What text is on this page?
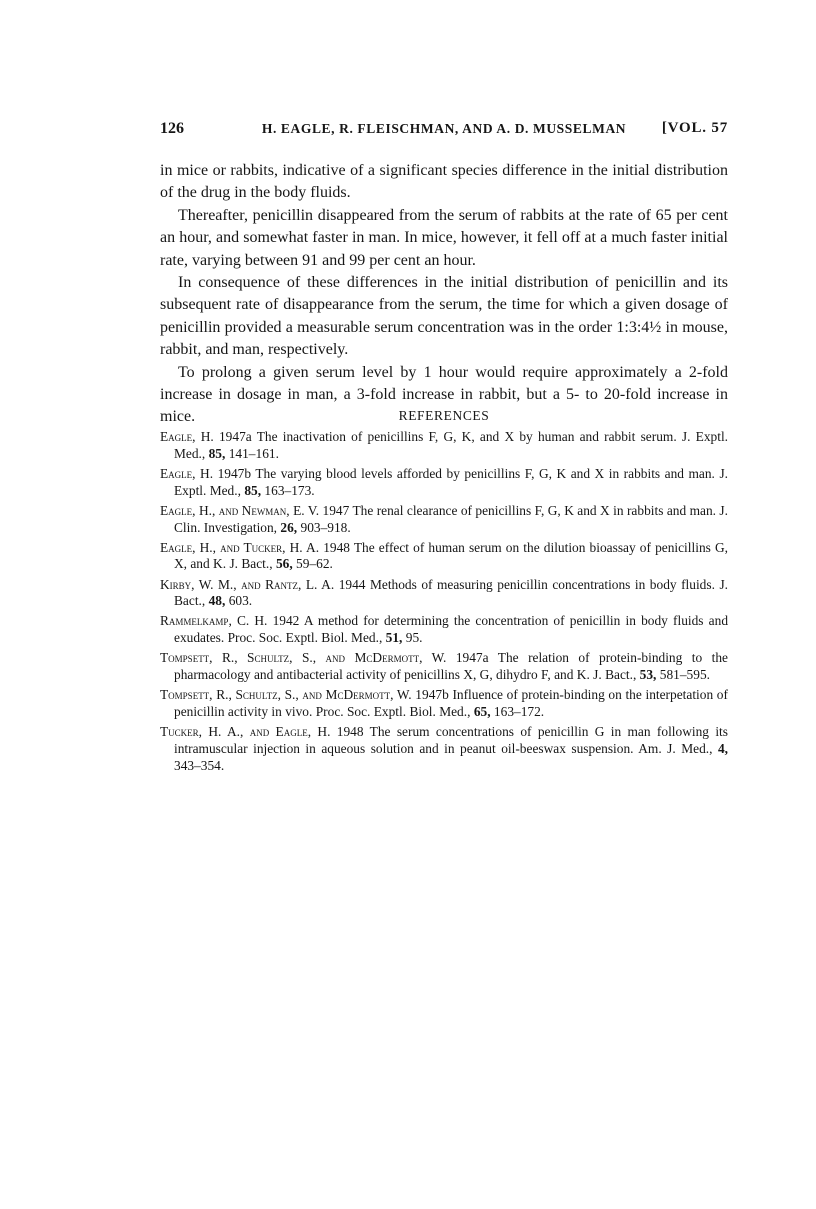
126	H. EAGLE, R. FLEISCHMAN, AND A. D. MUSSELMAN	[VOL. 57

in mice or rabbits, indicative of a significant species difference in the initial distribution of the drug in the body fluids.

Thereafter, penicillin disappeared from the serum of rabbits at the rate of 65 per cent an hour, and somewhat faster in man. In mice, however, it fell off at a much faster initial rate, varying between 91 and 99 per cent an hour.

In consequence of these differences in the initial distribution of penicillin and its subsequent rate of disappearance from the serum, the time for which a given dosage of penicillin provided a measurable serum concentration was in the order 1:3:4½ in mouse, rabbit, and man, respectively.

To prolong a given serum level by 1 hour would require approximately a 2-fold increase in dosage in man, a 3-fold increase in rabbit, but a 5- to 20-fold increase in mice.	REFERENCES

Eagle, H. 1947a The inactivation of penicillins F, G, K, and X by human and rabbit serum. J. Exptl. Med., 85, 141–161.

Eagle, H. 1947b The varying blood levels afforded by penicillins F, G, K and X in rabbits and man. J. Exptl. Med., 85, 163–173.

Eagle, H., and Newman, E. V. 1947 The renal clearance of penicillins F, G, K and X in rabbits and man. J. Clin. Investigation, 26, 903–918.

Eagle, H., and Tucker, H. A. 1948 The effect of human serum on the dilution bioassay of penicillins G, X, and K. J. Bact., 56, 59–62.

Kirby, W. M., and Rantz, L. A. 1944 Methods of measuring penicillin concentrations in body fluids. J. Bact., 48, 603.

Rammelkamp, C. H. 1942 A method for determining the concentration of penicillin in body fluids and exudates. Proc. Soc. Exptl. Biol. Med., 51, 95.

Tompsett, R., Schultz, S., and McDermott, W. 1947a The relation of protein-binding to the pharmacology and antibacterial activity of penicillins X, G, dihydro F, and K. J. Bact., 53, 581–595.

Tompsett, R., Schultz, S., and McDermott, W. 1947b Influence of protein-binding on the interpetation of penicillin activity in vivo. Proc. Soc. Exptl. Biol. Med., 65, 163–172.

Tucker, H. A., and Eagle, H. 1948 The serum concentrations of penicillin G in man following its intramuscular injection in aqueous solution and in peanut oil-beeswax suspension. Am. J. Med., 4, 343–354.
